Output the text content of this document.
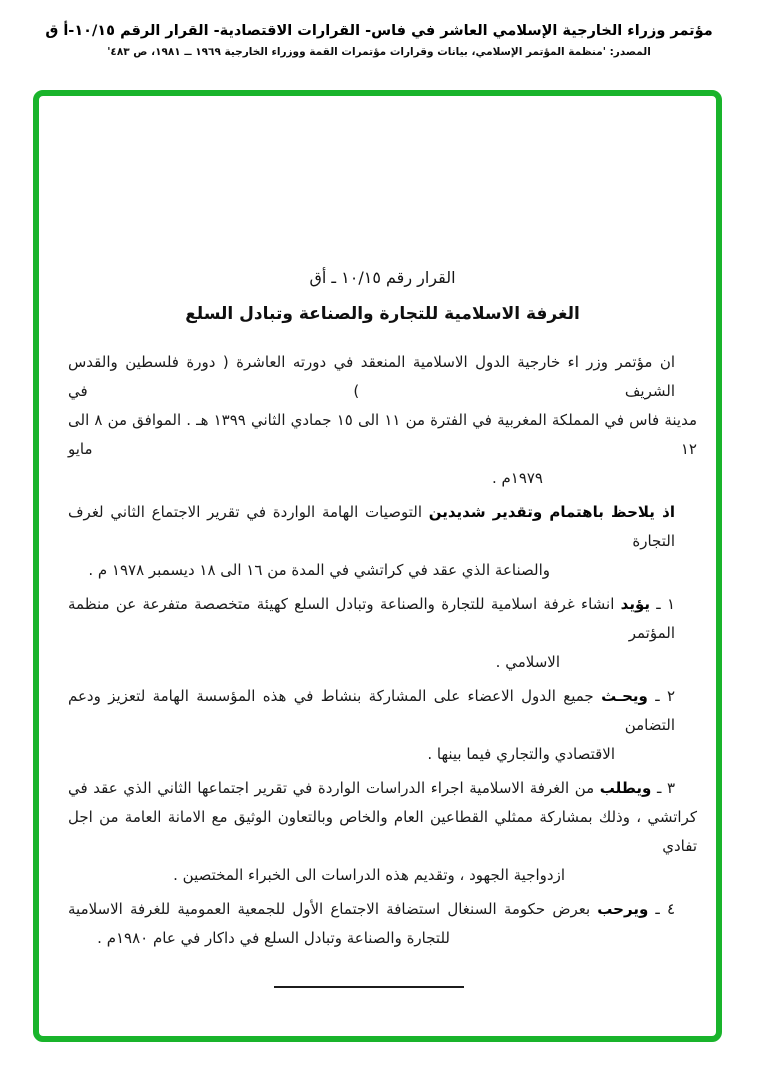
مؤتمر وزراء الخارجية الإسلامي العاشر في فاس- القرارات الاقتصادية- القرار الرقم ١٠/١٥-أ ق
المصدر: 'منظمة المؤتمر الإسلامي، بيانات وقرارات مؤتمرات القمة ووزراء الخارجية ١٩٦٩ ــ ١٩٨١، ص ٤٨٣'
القرار رقم ١٠/١٥ ـ أق
الغرفة الاسلامية للتجارة والصناعة وتبادل السلع
ان مؤتمر وزر اء خارجية الدول الاسلامية المنعقد في دورته العاشرة ( دورة فلسطين والقدس الشريف ) في
مدينة فاس في المملكة المغربية في الفترة من ١١ الى ١٥ جمادي الثاني ١٣٩٩ هـ . الموافق من ٨ الى ١٢ مايو
١٩٧٩م .
اذ يلاحظ باهتمام وتقدير شديدين التوصيات الهامة الواردة في تقرير الاجتماع الثاني لغرف التجارة
والصناعة الذي عقد في كراتشي في المدة من ١٦ الى ١٨ ديسمبر ١٩٧٨ م .
١ ـ يؤيد انشاء غرفة اسلامية للتجارة والصناعة وتبادل السلع كهيئة متخصصة متفرعة عن منظمة المؤتمر
الاسلامي .
٢ ـ ويحـث جميع الدول الاعضاء على المشاركة بنشاط في هذه المؤسسة الهامة لتعزيز ودعم التضامن
الاقتصادي والتجاري فيما بينها .
٣ ـ ويطلب من الغرفة الاسلامية اجراء الدراسات الواردة في تقرير اجتماعها الثاني الذي عقد في
كراتشي ، وذلك بمشاركة ممثلي القطاعين العام والخاص وبالتعاون الوثيق مع الامانة العامة من اجل تفادي
ازدواجية الجهود ، وتقديم هذه الدراسات الى الخبراء المختصين .
٤ ـ ويرحب بعرض حكومة السنغال استضافة الاجتماع الأول للجمعية العمومية للغرفة الاسلامية
للتجارة والصناعة وتبادل السلع في داكار في عام ١٩٨٠م .
